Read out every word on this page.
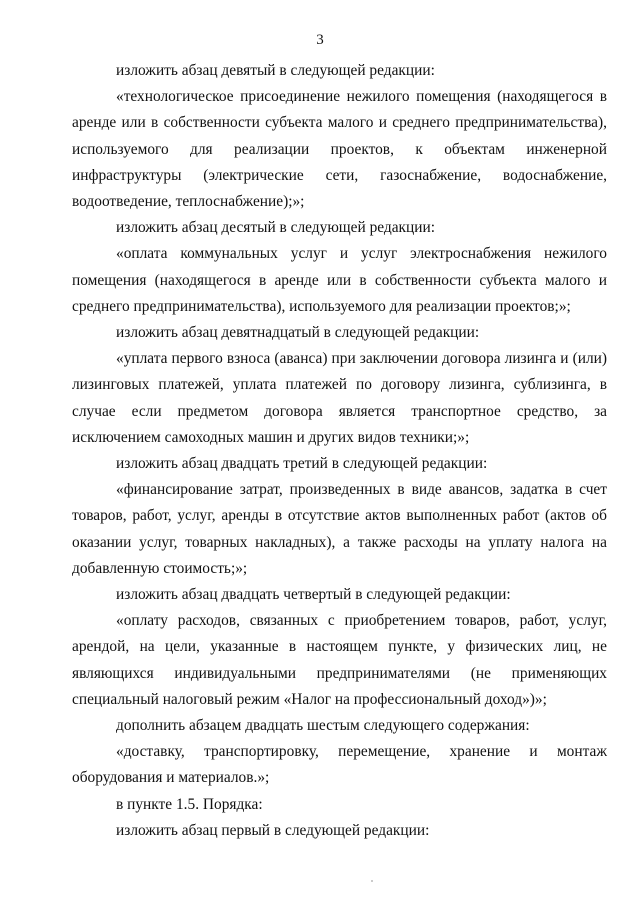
3

изложить абзац девятый в следующей редакции:

«технологическое присоединение нежилого помещения (находящегося в аренде или в собственности субъекта малого и среднего предпринимательства), используемого для реализации проектов, к объектам инженерной инфраструктуры (электрические сети, газоснабжение, водоснабжение, водоотведение, теплоснабжение);»;

изложить абзац десятый в следующей редакции:

«оплата коммунальных услуг и услуг электроснабжения нежилого помещения (находящегося в аренде или в собственности субъекта малого и среднего предпринимательства), используемого для реализации проектов;»;

изложить абзац девятнадцатый в следующей редакции:

«уплата первого взноса (аванса) при заключении договора лизинга и (или) лизинговых платежей, уплата платежей по договору лизинга, сублизинга, в случае если предметом договора является транспортное средство, за исключением самоходных машин и других видов техники;»;

изложить абзац двадцать третий в следующей редакции:

«финансирование затрат, произведенных в виде авансов, задатка в счет товаров, работ, услуг, аренды в отсутствие актов выполненных работ (актов об оказании услуг, товарных накладных), а также расходы на уплату налога на добавленную стоимость;»;

изложить абзац двадцать четвертый в следующей редакции:

«оплату расходов, связанных с приобретением товаров, работ, услуг, арендой, на цели, указанные в настоящем пункте, у физических лиц, не являющихся индивидуальными предпринимателями (не применяющих специальный налоговый режим «Налог на профессиональный доход»)»;

дополнить абзацем двадцать шестым следующего содержания:

«доставку, транспортировку, перемещение, хранение и монтаж оборудования и материалов.»;

в пункте 1.5. Порядка:

изложить абзац первый в следующей редакции:
